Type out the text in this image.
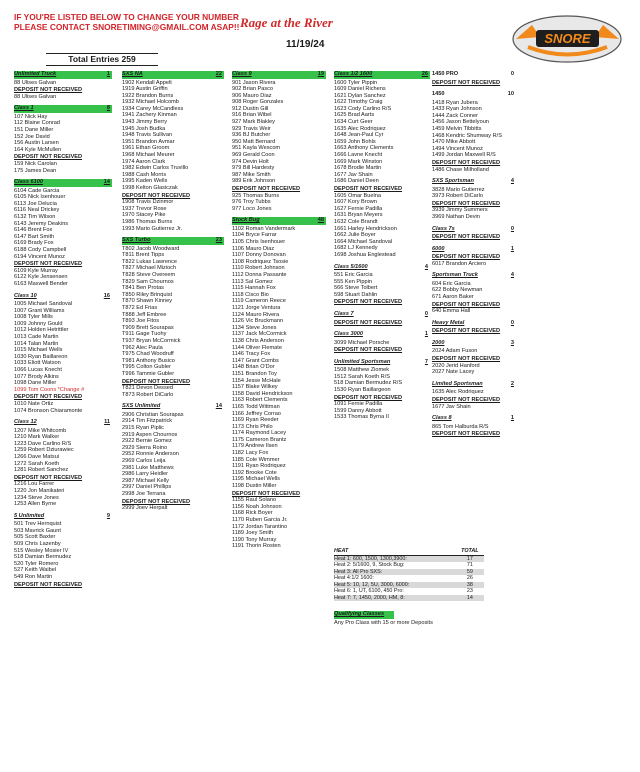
IF YOU'RE LISTED BELOW TO CHANGE YOUR NUMBER
PLEASE CONTACT SNORETIMING@GMAIL.COM ASAP!! Rage at the River
11/19/24	SNORE
Total Entries 259
Unlimited Truck	1
88 Ulises Galvan
DEPOSIT NOT RECEIVED
88 Ulises Galvan
Class 1	8
107 Nick Hay
112 Blaine Conrad
151 Dane Miller
152 Joe David
156 Austin Larsen
164 Kyle McMullen
DEPOSIT NOT RECEIVED
159 Nick Carolan
175 James Dean
Class 6100	14
6104 Cade Garcia
6105 Nick Isenhouer
6113 Joe Delucia
6116 Neal Drickey
6132 Tim Wilson
6143 Jeremy Deakins
6146 Brent Fox
6147 Bart Smith
6169 Brady Fox
6188 Cody Campbell
6194 Vincent Munoz
DEPOSIT NOT RECEIVED
6109 Kyle Murray
6122 Kyle Jensensen
6163 Maxwell Bender
Class 10	16
1005 Michael Sandoval
1007 Grant Williams
1008 Tyler Mills
1009 Johnny Gould
1012 Holden Hetrittler
1013 Cade Martin
1014 Talan Martin
1015 Michael Wells
1030 Ryan Baillareon
1033 Eliott Watson
1066 Lucas Knecht
1077 Brody Alkins
1098 Dane Miller
1099 Tom Coons *Change #
DEPOSIT NOT RECEIVED
1010 Nate Ortiz
1074 Bronson Chiaramonte
Class 12	11
1207 Mike Whitcomb
1210 Mark Walker
1223 Dave Carlino R/S
1259 Robert Dziurawiec
1266 Dave Matsui
1272 Sarah Koeth
1281 Robert Sanchez
DEPOSIT NOT RECEIVED
1216 Lou Farrer
1220 Jon Manikateri
1234 Steve Jones
1253 Allen Byrne
5 Unlimited	9
501 Trev Hernquist
503 Mavrick Gaunt
505 Scott Baxter
509 Chris Lazenby
515 Wesley Mosier IV
518 Damian Bermudez
520 Tyler Romero
527 Keith Waibel
549 Ron Martin
DEPOSIT NOT RECEIVED
SXS NA	22
1902 Kendall Appelt
1919 Austin Griffin
1922 Brandon Burns
1932 Michael Holcomb
1934 Carey McCandless
1941 Zachery Kinman
1943 Jimmy Berry
1945 Josh Budka
1948 Travis Sullivan
1951 Brandon Avmar
1961 Ethan Groom
1968 Michael Meurer
1974 Aaron Clark
1982 Edwin Carlos Truvillo
1988 Cash Morris
1995 Kaden Wells
1998 Kelton Glasiczak
DEPOSIT NOT RECEIVED
1908 Travis Dzinmor
1937 Trevor Rose
1970 Stacey Pike
1986 Thomas Burns
1993 Mario Gutierrez Jr.
SXS Turbo	23
T802 Jacob Woodward
T811 Brent Tipps
T822 Lukas Lawrence
T827 Michael Mizioch
T828 Steve Overeem
T829 Sam Chournos
T841 Ben Protas
T850 Riley Brinquist
T870 Shawn Kinney
T872 Ed Frias
T888 Jeff Embree
T893 Joe Fitos
T909 Brett Sourapas
T911 Gage Tuohy
T937 Bryan McCormick
T962 Alec Paula
T975 Chad Woodruff
T981 Anthony Busico
T995 Colton Gubler
T996 Tammie Gubler
DEPOSIT NOT RECEIVED
T821 Devon Dessed
T873 Robert DiCarlo
SXS Unlimited	14
2906 Christian Sourapas
2914 Tim Fitzpatrick
2915 Ryan Piplic
2919 Aspen Chournos
2922 Bernie Gomez
2929 Sierra Roino
2952 Ronnie Anderson
2969 Carlos Leija
2981 Luke Matthews
2986 Larry Heidler
2987 Michael Kelly
2997 Daniel Phillips
2998 Joe Terrana
DEPOSIT NOT RECEIVED
2999 Joev Herpalt
Class 9	19
901 Jason Rivera
902 Brian Pasco
906 Mauro Diaz
908 Roger Gonzales
912 Dustin Gill
916 Brian Wibel
927 Mark Blakley
929 Travis Weir
936 BJ Butcher
950 Matt Bernard
951 Kayla Wescom
969 Gerald Coon
974 Devin Holt
979 Bill Hardesty
987 Mike Smith
989 Erik Johnson
DEPOSIT NOT RECEIVED
925 Thomas Burns
976 Troy Tubbs
977 Loco Jones
Stock Bug	48
1102 Roman Vandermark
1104 Bryce Farrar
1105 Chris Isenhouer
1106 Mauro Diaz
1107 Donny Donovan
1108 Rodriquez Tsosie
1110 Robert Johnson
1112 Donna Passante
1113 Sal Gomez
1115 Hannah Fox
1118 Cisco Bio
1119 Cameron Reece
1121 Jorge Ventura
1124 Mauro Rivera
1126 Vic Bruckmann
1134 Steve Jones
1137 Jack McCormick
1138 Chris Anderson
1144 Oliver Flemate
1146 Tracy Fox
1147 Grant Combs
1148 Brian O'Dor
1151 Brandon Toy
1154 Jesse McHale
1157 Blake Wilkey
1158 David Hendrickson
1163 Robert Clements
1165 Todd Wittman
1166 Jeffrey Corrao
1169 Ryan Reeder
1173 Chris Philo
1174 Raymond Lacey
1175 Cameron Brantz
1179 Andrew Ilsen
1182 Lacy Fox
1185 Cole Wimmer
1191 Ryan Rodriquez
1192 Brooke Cote
1195 Michael Wells
1198 Dustin Miller
DEPOSIT NOT RECEIVED
1155 Raul Solano
1156 Noah Johnson
1168 Rick Boyer
1170 Ruben Garcia Jr.
1172 Jordan Tarantino
1189 Joey Smith
1190 Tony Murray
1191 Thorin Rosten
Class 1/2 1600	26
1600 Tyler Pippin
1609 Daniel Richens
1621 Dylan Sanchez
1622 Timothy Craig
1623 Cody Carlino R/S
1625 Brad Aarts
1634 Curt Geer
1635 Alec Rodriquez
1648 Jean-Paul Cyr
1659 John Bohls
1663 Anthony Clements
1666 Lavne Knecht
1669 Mark Winston
1678 Brodie Martin
1677 Jav Shain
1686 Daniel Deen
DEPOSIT NOT RECEIVED
1605 Omar Buelna
1607 Kory Brown
1627 Fernie Padilla
1631 Bryan Meyers
1632 Cole Brandt
1661 Harley Hendrickson
1662 Julie Boyer
1664 Michael Sandoval
1682 LJ Kennedy
1698 Joshua Englestead
Class 5/1600	4
551 Eric Garcia
555 Ken Pippin
566 Steve Tolbert
598 Stuart Dahlin
DEPOSIT NOT RECEIVED
Class 7	0
DEPOSIT NOT RECEIVED
Class 3000	1
3099 Michael Porsche
DEPOSIT NOT RECEIVED
Unlimited Sportsman	7
1508 Matthew Ziomek
1512 Sarah Koeth R/S
518 Damian Bermudez R/S
1530 Ryan Baillargeon
DEPOSIT NOT RECEIVED
1091 Fernie Padilla
1599 Danny Abbott
1533 Thomas Byrna II
1450 PRO	0
DEPOSIT NOT RECEIVED
1450	10
1418 Ryan Jubera
1433 Ryan Johnson
1444 Zack Conner
1456 Jason Bettelyoun
1459 Melvin Tibbitts
1468 Kendric Shumway R/S
1470 Mike Abbott
1494 Vincent Munoz
1499 Jordan Maxwell R/S
DEPOSIT NOT RECEIVED
1486 Chase Milholland
SXS Sportsman	4
3828 Mario Gutierrez
3973 Robert DiCarlo
DEPOSIT NOT RECEIVED
3939 Jimmy Summers
3969 Nathan Devin
Class 7s	0
DEPOSIT NOT RECEIVED
6000	1
DEPOSIT NOT RECEIVED
6017 Brandon Arciero
Sportsman Truck	4
604 Eric Garcia
622 Bobby Newman
671 Aaron Baker
DEPOSIT NOT RECEIVED
640 Emma Hall
Heavy Metal	0
DEPOSIT NOT RECEIVED
2000	3
2024 Adam Fuson
DEPOSIT NOT RECEIVED
2020 Jerid Hanford
2027 Nate Lacey
Limited Sportsman	2
1635 Alec Rodriquez
DEPOSIT NOT RECEIVED
1677 Jav Shain
Class 8	1
865 Tom Halburda R/S
DEPOSIT NOT RECEIVED
HEAT	TOTAL
Heat 1: 600, 1500, 1300,3900:	17
Heat 2: 5/1600, 9, Stock Bug:	71
Heat 3: All Pro SXS:	59
Heat 4:1/2 1600:	26
Heat 5: 10, 12, 5U, 3000, 6000:	38
Heat 6: 1, UT, 6100, 450 Pro:	23
Heat 7: 7, 1450, 2000, HM, 8:	14
Qualifying Classes
Any Pro Class with 15 or more Deposits
